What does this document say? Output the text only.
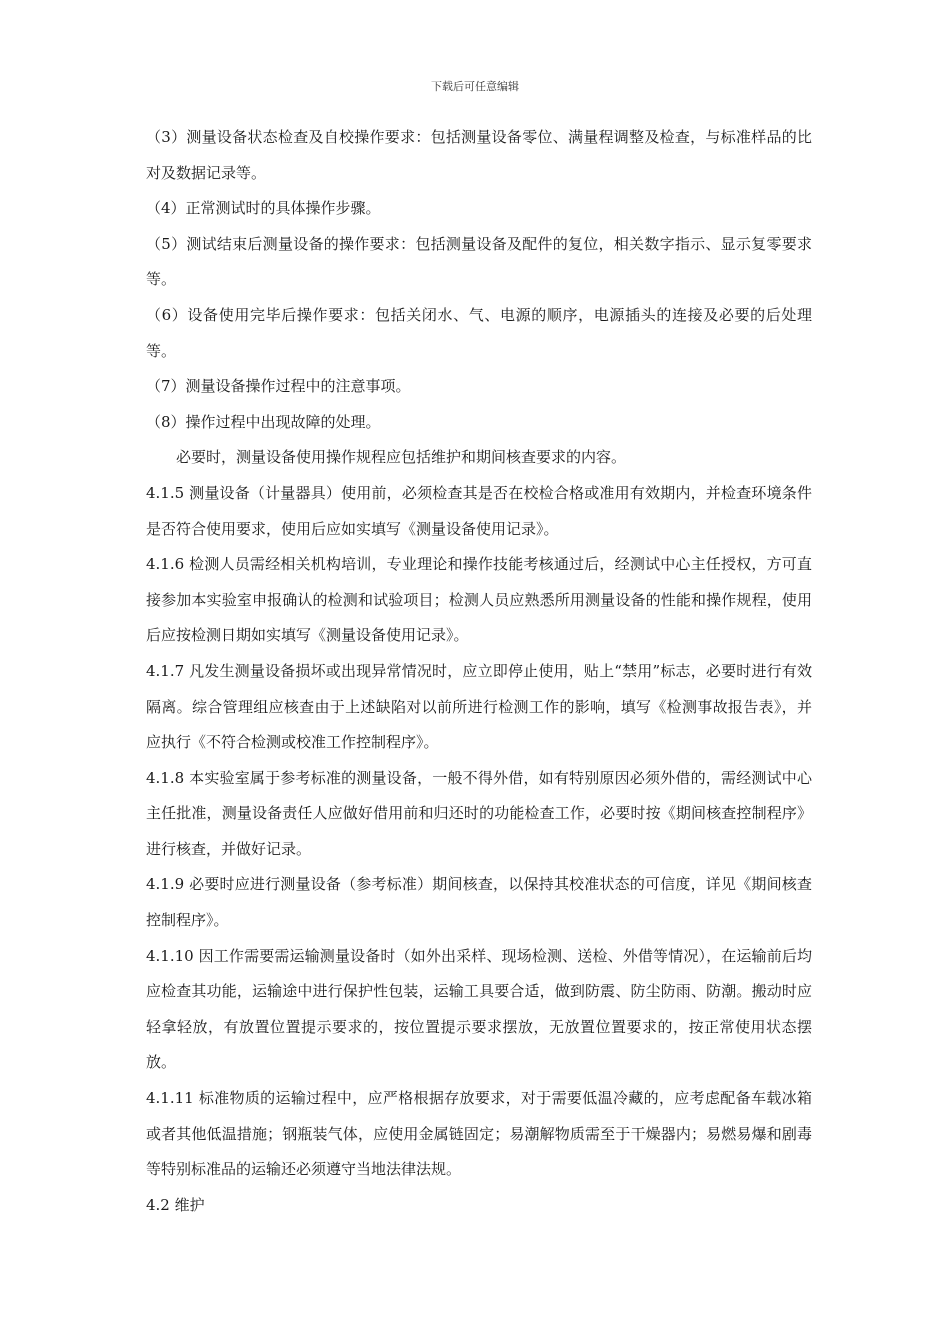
下载后可任意编辑

（3）测量设备状态检查及自校操作要求：包括测量设备零位、满量程调整及检查，与标准样品的比对及数据记录等。

（4）正常测试时的具体操作步骤。

（5）测试结束后测量设备的操作要求：包括测量设备及配件的复位，相关数字指示、显示复零要求等。

（6）设备使用完毕后操作要求：包括关闭水、气、电源的顺序，电源插头的连接及必要的后处理等。

（7）测量设备操作过程中的注意事项。

（8）操作过程中出现故障的处理。

必要时，测量设备使用操作规程应包括维护和期间核查要求的内容。

4.1.5 测量设备（计量器具）使用前，必须检查其是否在校检合格或准用有效期内，并检查环境条件是否符合使用要求，使用后应如实填写《测量设备使用记录》。

4.1.6 检测人员需经相关机构培训，专业理论和操作技能考核通过后，经测试中心主任授权，方可直接参加本实验室申报确认的检测和试验项目；检测人员应熟悉所用测量设备的性能和操作规程，使用后应按检测日期如实填写《测量设备使用记录》。

4.1.7 凡发生测量设备损坏或出现异常情况时，应立即停止使用，贴上“禁用”标志，必要时进行有效隔离。综合管理组应核查由于上述缺陷对以前所进行检测工作的影响，填写《检测事故报告表》，并应执行《不符合检测或校准工作控制程序》。

4.1.8 本实验室属于参考标准的测量设备，一般不得外借，如有特别原因必须外借的，需经测试中心主任批准，测量设备责任人应做好借用前和归还时的功能检查工作，必要时按《期间核查控制程序》进行核查，并做好记录。

4.1.9 必要时应进行测量设备（参考标准）期间核查，以保持其校准状态的可信度，详见《期间核查控制程序》。

4.1.10 因工作需要需运输测量设备时（如外出采样、现场检测、送检、外借等情况），在运输前后均应检查其功能，运输途中进行保护性包装，运输工具要合适，做到防震、防尘防雨、防潮。搬动时应轻拿轻放，有放置位置提示要求的，按位置提示要求摆放，无放置位置要求的，按正常使用状态摆放。

4.1.11 标准物质的运输过程中，应严格根据存放要求，对于需要低温冷藏的，应考虑配备车载冰箱或者其他低温措施；钢瓶装气体，应使用金属链固定；易潮解物质需至于干燥器内；易燃易爆和剧毒等特别标准品的运输还必须遵守当地法律法规。

4.2 维护
